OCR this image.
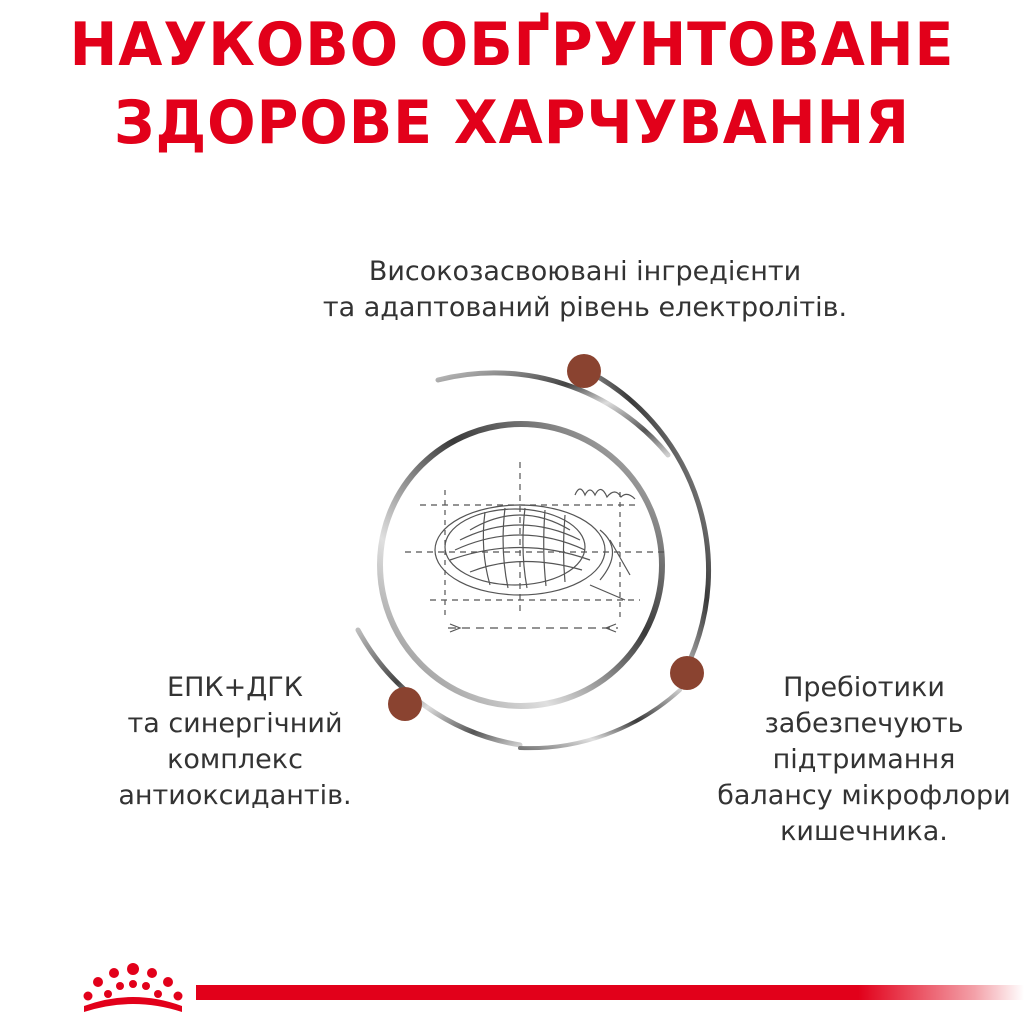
НАУКОВО ОБҐРУНТОВАНЕ
ЗДОРОВЕ ХАРЧУВАННЯ
Високозасвоювані інгредієнти
та адаптований рівень електролітів.
ЕПК+ДГК
та синергічний
комплекс
антиоксидантів.
Пребіотики
забезпечують
підтримання
балансу мікрофлори
кишечника.
